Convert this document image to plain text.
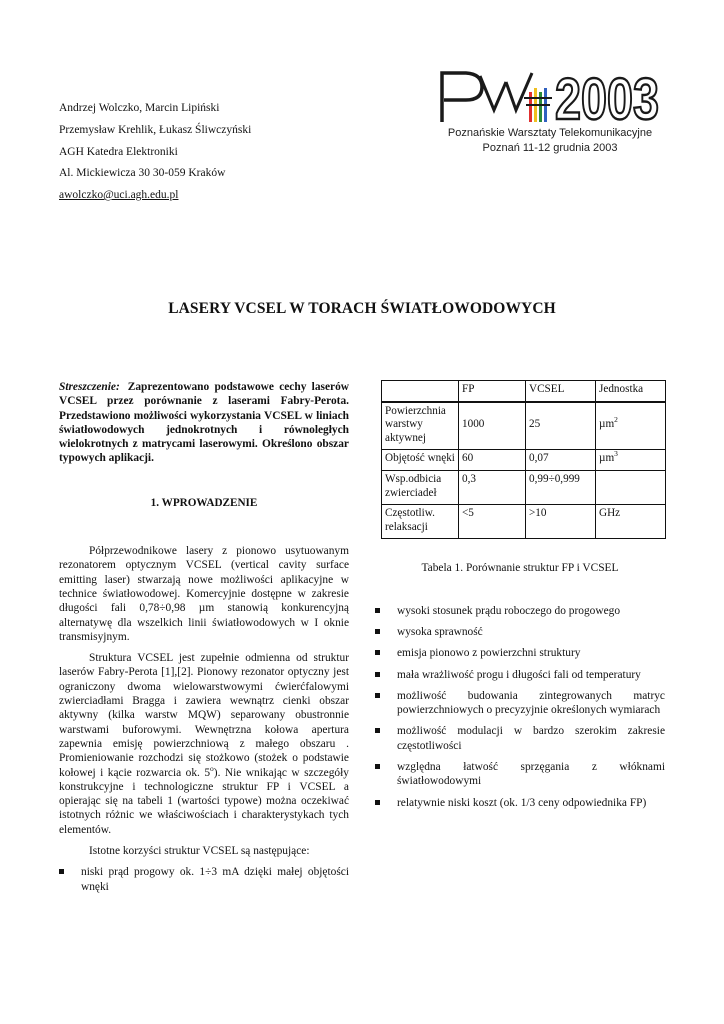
Andrzej Wolczko, Marcin Lipiński
Przemysław Krehlik, Łukasz Śliwczyński
AGH Katedra Elektroniki
Al. Mickiewicza 30 30-059 Kraków
awolczko@uci.agh.edu.pl
2003
Poznańskie Warsztaty Telekomunikacyjne
Poznań 11-12 grudnia 2003
LASERY VCSEL W TORACH ŚWIATŁOWODOWYCH

Streszczenie: Zaprezentowano podstawowe cechy laserów VCSEL przez porównanie z laserami Fabry-Perota. Przedstawiono możliwości wykorzystania VCSEL w liniach światłowodowych jednokrotnych i równoległych wielokrotnych z matrycami laserowymi. Określono obszar typowych aplikacji.

1. WPROWADZENIE

Półprzewodnikowe lasery z pionowo usytuowanym rezonatorem optycznym VCSEL (vertical cavity surface emitting laser) stwarzają nowe możliwości aplikacyjne w technice światłowodowej. Komercyjnie dostępne w zakresie długości fali 0,78÷0,98 µm stanowią konkurencyjną alternatywę dla wszelkich linii światłowodowych w I oknie transmisyjnym.

Struktura VCSEL jest zupełnie odmienna od struktur laserów Fabry-Perota [1],[2]. Pionowy rezonator optyczny jest ograniczony dwoma wielowarstwowymi ćwierćfalowymi zwierciadłami Bragga i zawiera wewnątrz cienki obszar aktywny (kilka warstw MQW) separowany obustronnie warstwami buforowymi. Wewnętrzna kołowa apertura zapewnia emisję powierzchniową z małego obszaru . Promieniowanie rozchodzi się stożkowo (stożek o podstawie kołowej i kącie rozwarcia ok. 5$^o$). Nie wnikając w szczegóły konstrukcyjne i technologiczne struktur FP i VCSEL a opierając się na tabeli 1 (wartości typowe) można oczekiwać istotnych różnic we właściwościach i charakterystykach tych elementów.

Istotne korzyści struktur VCSEL są następujące:

niski prąd progowy ok. 1÷3 mA dzięki małej objętości wnęki
	FP	VCSEL	Jednostka
Powierzchnia warstwy aktywnej	1000	25	µm$^2$
Objętość wnęki	60	0,07	µm$^3$
Wsp.odbicia zwierciadeł	0,3	0,99÷0,999	
Częstotliw. relaksacji	<5	>10	GHz
Tabela 1. Porównanie struktur FP i VCSEL
wysoki stosunek prądu roboczego do progowego
wysoka sprawność
emisja pionowo z powierzchni struktury
mała wrażliwość progu i długości fali od temperatury
możliwość budowania zintegrowanych matryc powierzchniowych o precyzyjnie określonych wymiarach
możliwość modulacji w bardzo szerokim zakresie częstotliwości
względna łatwość sprzęgania z włóknami światłowodowymi
relatywnie niski koszt (ok. 1/3 ceny odpowiednika FP)
